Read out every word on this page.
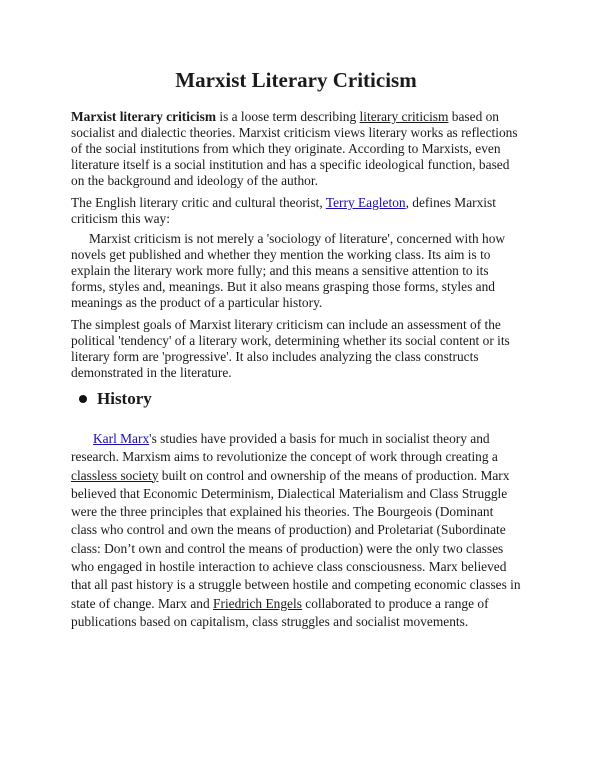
Marxist Literary Criticism

Marxist literary criticism is a loose term describing literary criticism based on socialist and dialectic theories. Marxist criticism views literary works as reflections of the social institutions from which they originate. According to Marxists, even literature itself is a social institution and has a specific ideological function, based on the background and ideology of the author.

The English literary critic and cultural theorist, Terry Eagleton, defines Marxist criticism this way:

Marxist criticism is not merely a 'sociology of literature', concerned with how novels get published and whether they mention the working class. Its aim is to explain the literary work more fully; and this means a sensitive attention to its forms, styles and, meanings. But it also means grasping those forms, styles and meanings as the product of a particular history.

The simplest goals of Marxist literary criticism can include an assessment of the political 'tendency' of a literary work, determining whether its social content or its literary form are 'progressive'. It also includes analyzing the class constructs demonstrated in the literature.

History

Karl Marx's studies have provided a basis for much in socialist theory and research. Marxism aims to revolutionize the concept of work through creating a classless society built on control and ownership of the means of production. Marx believed that Economic Determinism, Dialectical Materialism and Class Struggle were the three principles that explained his theories. The Bourgeois (Dominant class who control and own the means of production) and Proletariat (Subordinate class: Don’t own and control the means of production) were the only two classes who engaged in hostile interaction to achieve class consciousness. Marx believed that all past history is a struggle between hostile and competing economic classes in state of change. Marx and Friedrich Engels collaborated to produce a range of publications based on capitalism, class struggles and socialist movements.
